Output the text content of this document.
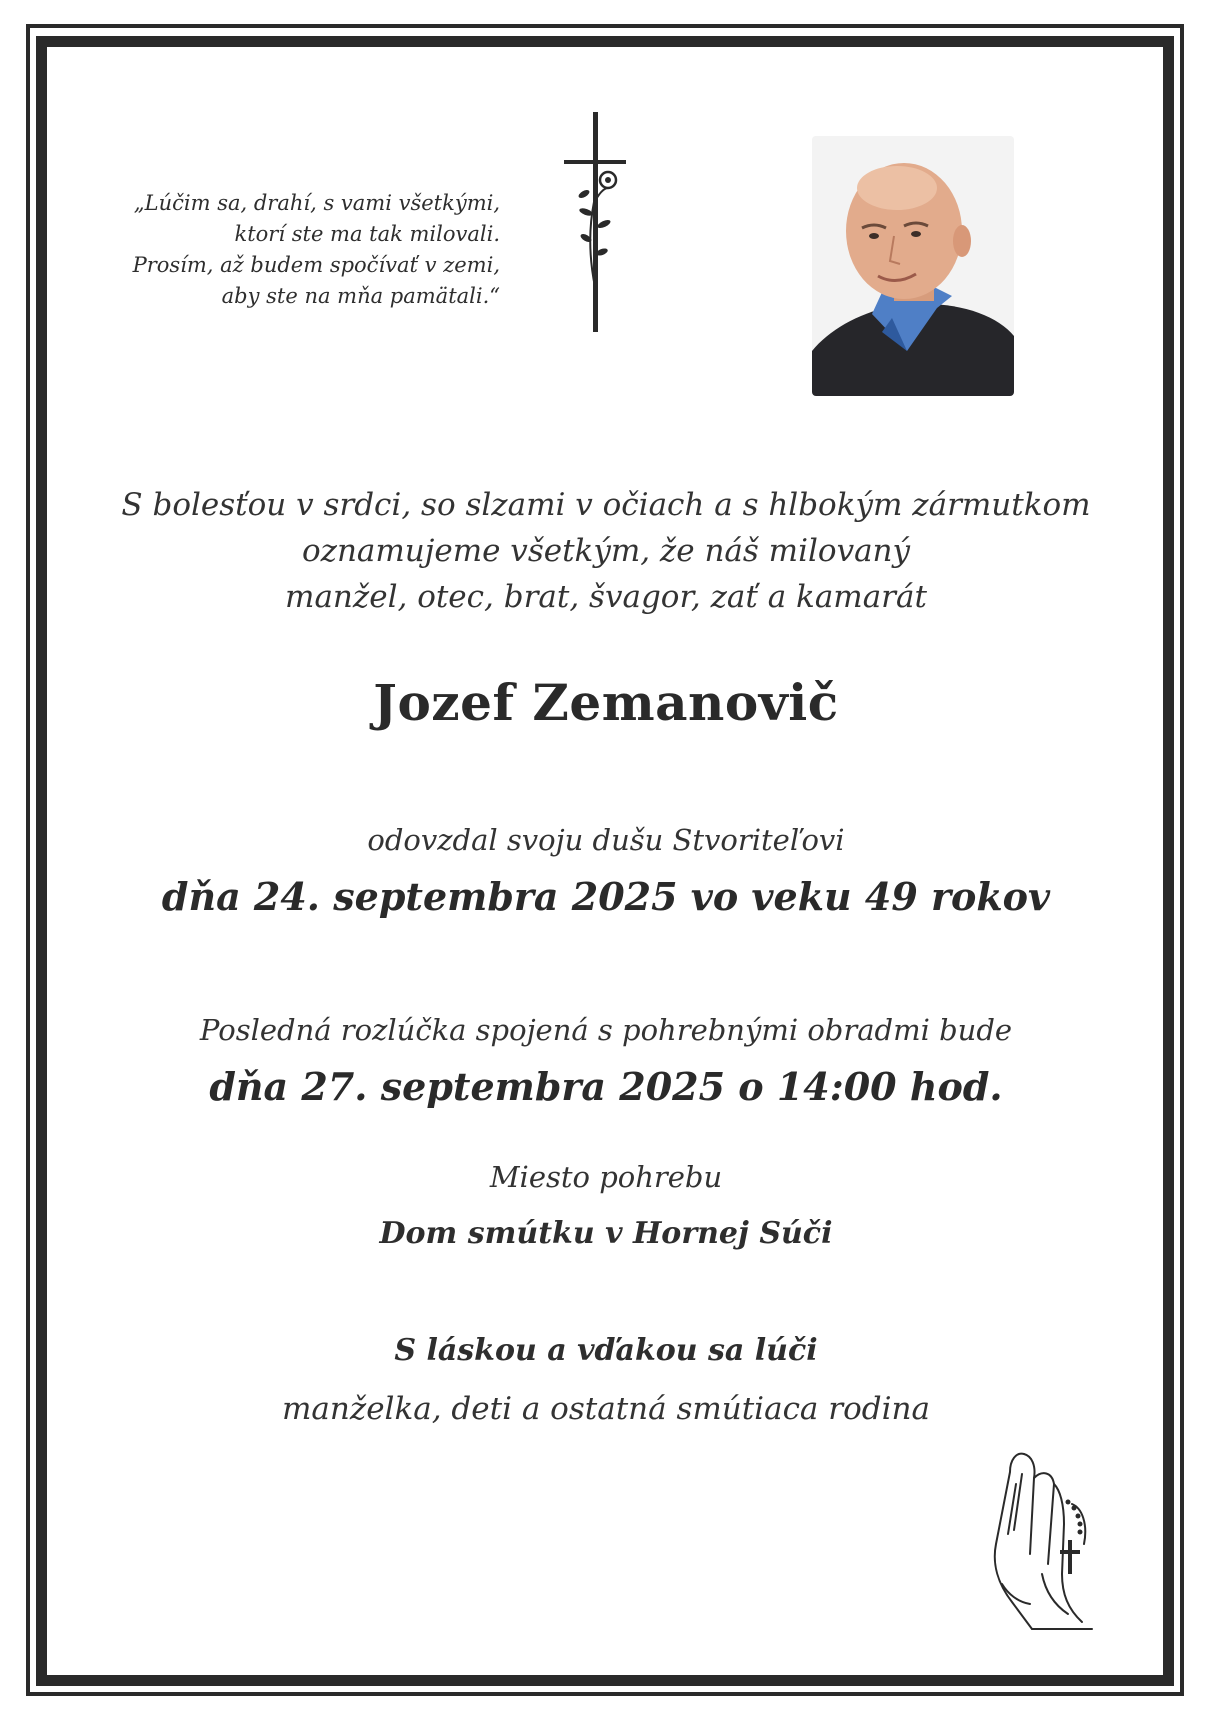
„Lúčim sa, drahí, s vami všetkými,
ktorí ste ma tak milovali.
Prosím, až budem spočívať v zemi,
aby ste na mňa pamätali.“
S bolesťou v srdci, so slzami v očiach a s hlbokým zármutkom
oznamujeme všetkým, že náš milovaný
manžel, otec, brat, švagor, zať a kamarát
Jozef Zemanovič
odovzdal svoju dušu Stvoriteľovi
dňa 24. septembra 2025 vo veku 49 rokov
Posledná rozlúčka spojená s pohrebnými obradmi bude
dňa 27. septembra 2025 o 14:00 hod.
Miesto pohrebu
Dom smútku v Hornej Súči
S láskou a vďakou sa lúči
manželka, deti a ostatná smútiaca rodina
